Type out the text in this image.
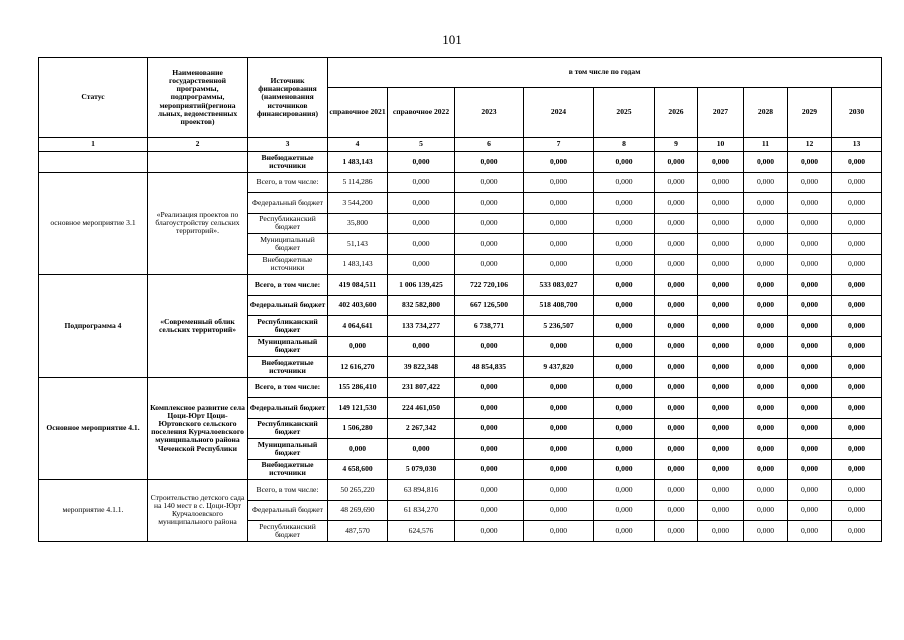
101
Статус	Наименование государственной программы, подпрограммы, мероприятий(региона льных, ведомственных проектов)	Источник финансирования (наименования источников финансирования)	в том числе по годам									
			справочное 2021	справочное 2022	2023	2024	2025	2026	2027	2028	2029	2030
1	2	3	4	5	6	7	8	9	10	11	12	13
		Внебюджетные источники	1 483,143	0,000	0,000	0,000	0,000	0,000	0,000	0,000	0,000	0,000
основное мероприятие 3.1	«Реализация проектов по благоустройству сельских территорий».	Всего, в том числе:	5 114,286	0,000	0,000	0,000	0,000	0,000	0,000	0,000	0,000	0,000
		Федеральный бюджет	3 544,200	0,000	0,000	0,000	0,000	0,000	0,000	0,000	0,000	0,000
		Республиканский бюджет	35,800	0,000	0,000	0,000	0,000	0,000	0,000	0,000	0,000	0,000
		Муниципальный бюджет	51,143	0,000	0,000	0,000	0,000	0,000	0,000	0,000	0,000	0,000
		Внебюджетные источники	1 483,143	0,000	0,000	0,000	0,000	0,000	0,000	0,000	0,000	0,000
Подпрограмма 4	«Современный облик сельских территорий»	Всего, в том числе:	419 084,511	1 006 139,425	722 720,106	533 083,027	0,000	0,000	0,000	0,000	0,000	0,000
		Федеральный бюджет	402 403,600	832 582,800	667 126,500	518 408,700	0,000	0,000	0,000	0,000	0,000	0,000
		Республиканский бюджет	4 064,641	133 734,277	6 738,771	5 236,507	0,000	0,000	0,000	0,000	0,000	0,000
		Муниципальный бюджет	0,000	0,000	0,000	0,000	0,000	0,000	0,000	0,000	0,000	0,000
		Внебюджетные источники	12 616,270	39 822,348	48 854,835	9 437,820	0,000	0,000	0,000	0,000	0,000	0,000
Основное мероприятие 4.1.	Комплексное развитие села Цоци-Юрт Цоци-Юртовского сельского поселения Курчалоевского муниципального района Чеченской Республики	Всего, в том числе:	155 286,410	231 807,422	0,000	0,000	0,000	0,000	0,000	0,000	0,000	0,000
		Федеральный бюджет	149 121,530	224 461,050	0,000	0,000	0,000	0,000	0,000	0,000	0,000	0,000
		Республиканский бюджет	1 506,280	2 267,342	0,000	0,000	0,000	0,000	0,000	0,000	0,000	0,000
		Муниципальный бюджет	0,000	0,000	0,000	0,000	0,000	0,000	0,000	0,000	0,000	0,000
		Внебюджетные источники	4 658,600	5 079,030	0,000	0,000	0,000	0,000	0,000	0,000	0,000	0,000
мероприятие 4.1.1.	Строительство детского сада на 140 мест в с. Цоци-Юрт Курчалоевского муниципального района	Всего, в том числе:	50 265,220	63 894,816	0,000	0,000	0,000	0,000	0,000	0,000	0,000	0,000
		Федеральный бюджет	48 269,690	61 834,270	0,000	0,000	0,000	0,000	0,000	0,000	0,000	0,000
		Республиканский бюджет	487,570	624,576	0,000	0,000	0,000	0,000	0,000	0,000	0,000	0,000
